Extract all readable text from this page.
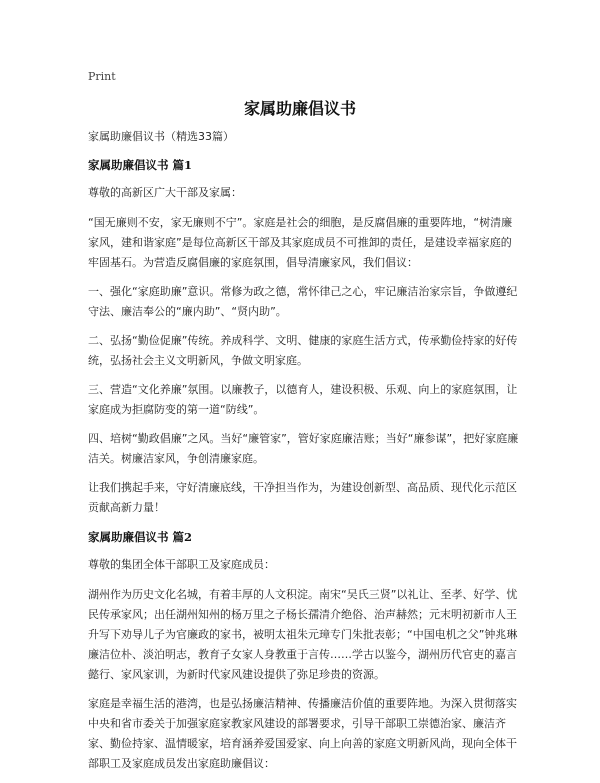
Print
家属助廉倡议书
家属助廉倡议书（精选33篇）
家属助廉倡议书 篇1
尊敬的高新区广大干部及家属：
“国无廉则不安，家无廉则不宁”。家庭是社会的细胞，是反腐倡廉的重要阵地，“树清廉家风，建和谐家庭”是每位高新区干部及其家庭成员不可推卸的责任，是建设幸福家庭的牢固基石。为营造反腐倡廉的家庭氛围，倡导清廉家风，我们倡议：
一、强化“家庭助廉”意识。常修为政之德，常怀律己之心，牢记廉洁治家宗旨，争做遵纪守法、廉洁奉公的“廉内助”、“贤内助”。
二、弘扬“勤俭促廉”传统。养成科学、文明、健康的家庭生活方式，传承勤俭持家的好传统，弘扬社会主义文明新风，争做文明家庭。
三、营造“文化养廉”氛围。以廉教子，以德育人，建设积极、乐观、向上的家庭氛围，让家庭成为拒腐防变的第一道“防线”。
四、培树“勤政倡廉”之风。当好“廉管家”，管好家庭廉洁账；当好“廉参谋”，把好家庭廉洁关。树廉洁家风，争创清廉家庭。
让我们携起手来，守好清廉底线，干净担当作为，为建设创新型、高品质、现代化示范区贡献高新力量！
家属助廉倡议书 篇2
尊敬的集团全体干部职工及家庭成员：
湖州作为历史文化名城，有着丰厚的人文积淀。南宋“吴氏三贤”以礼让、至孝、好学、忧民传承家风；出任湖州知州的杨万里之子杨长孺清介绝俗、治声赫然；元末明初新市人王升写下劝导儿子为官廉政的家书，被明太祖朱元璋专门朱批表彰；“中国电机之父”钟兆琳廉洁位朴、淡泊明志，教育子女家人身教重于言传……学古以鉴今，湖州历代官吏的嘉言懿行、家风家训，为新时代家风建设提供了弥足珍贵的资源。
家庭是幸福生活的港湾，也是弘扬廉洁精神、传播廉洁价值的重要阵地。为深入贯彻落实中央和省市委关于加强家庭家教家风建设的部署要求，引导干部职工崇德治家、廉洁齐家、勤俭持家、温情暖家，培育涵养爱国爱家、向上向善的家庭文明新风尚，现向全体干部职工及家庭成员发出家庭助廉倡议：
